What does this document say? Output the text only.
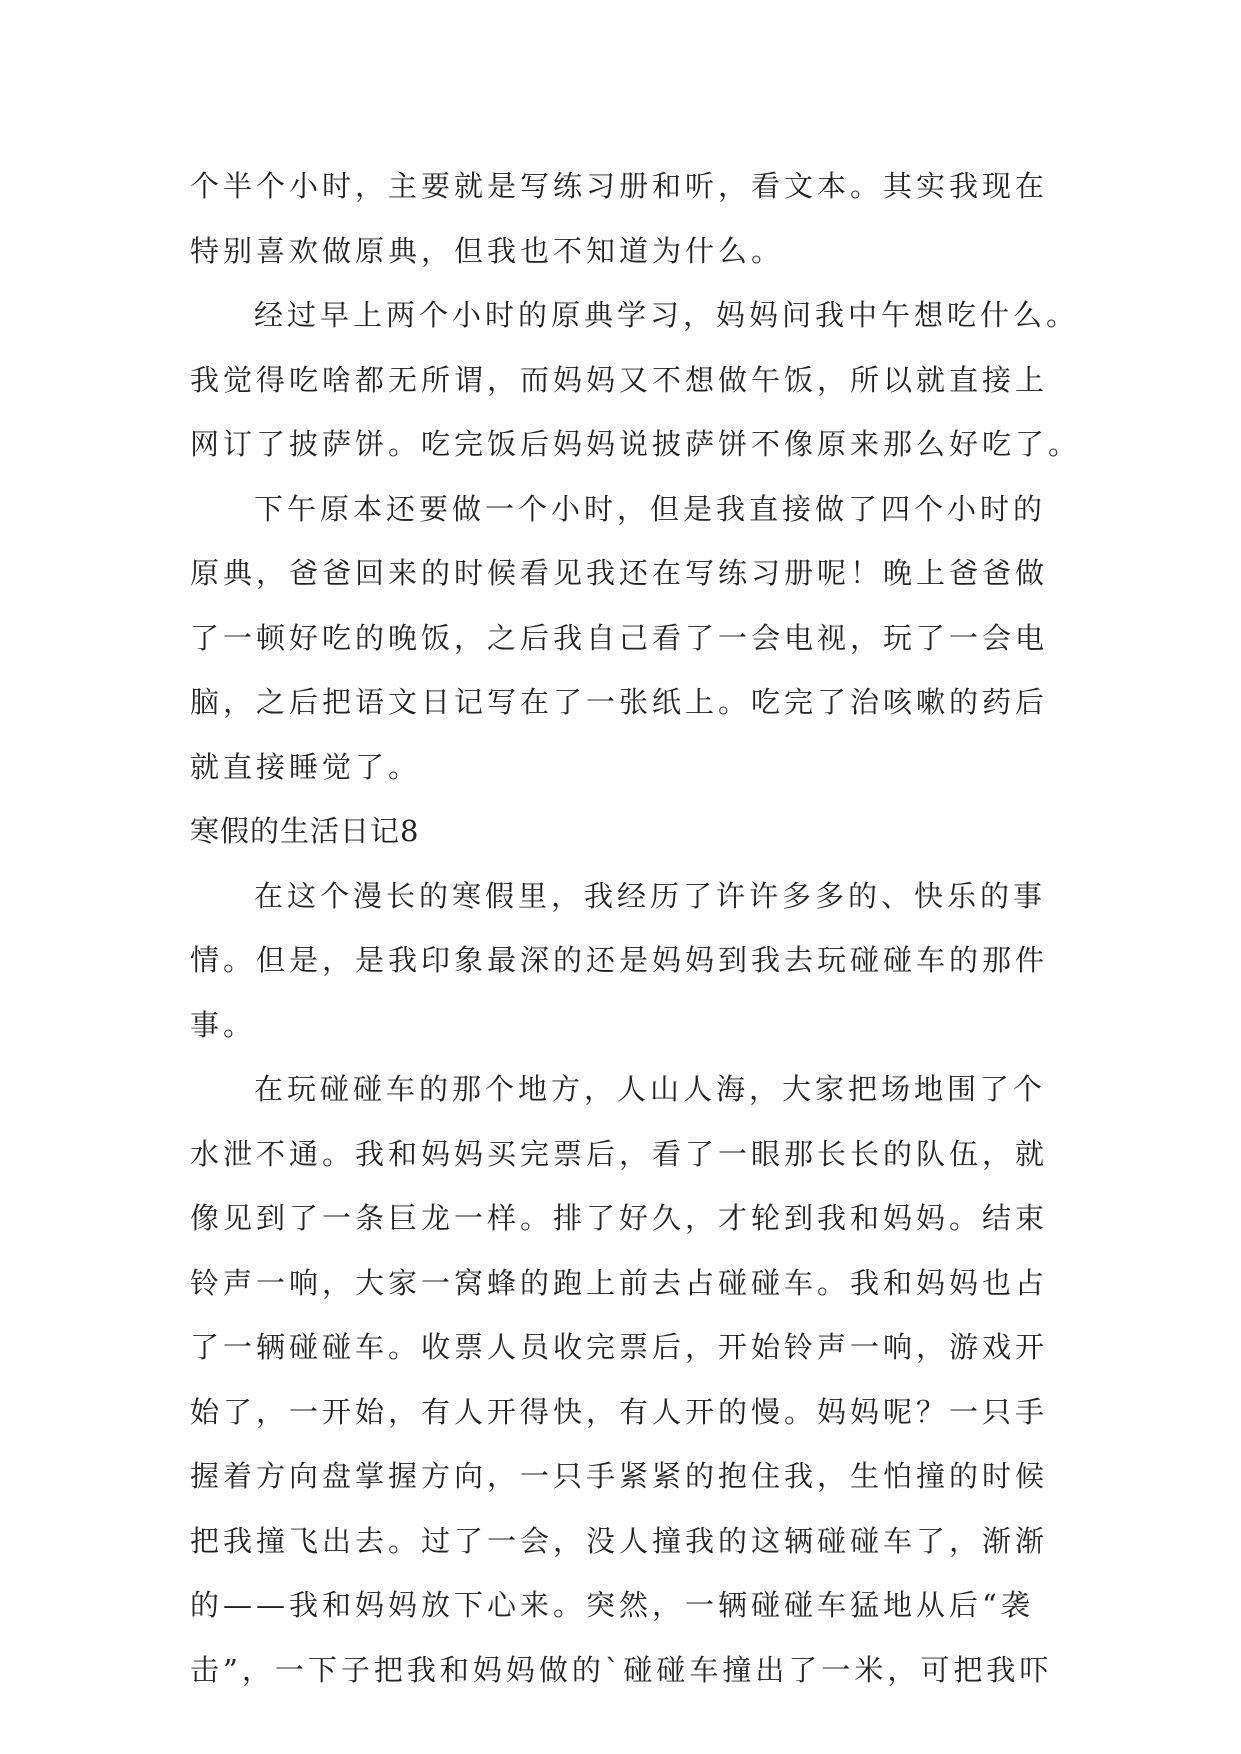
个半个小时，主要就是写练习册和听，看文本。其实我现在
特别喜欢做原典，但我也不知道为什么。
经过早上两个小时的原典学习，妈妈问我中午想吃什么。
我觉得吃啥都无所谓，而妈妈又不想做午饭，所以就直接上
网订了披萨饼。吃完饭后妈妈说披萨饼不像原来那么好吃了。
下午原本还要做一个小时，但是我直接做了四个小时的
原典，爸爸回来的时候看见我还在写练习册呢！晚上爸爸做
了一顿好吃的晚饭，之后我自己看了一会电视，玩了一会电
脑，之后把语文日记写在了一张纸上。吃完了治咳嗽的药后
就直接睡觉了。
寒假的生活日记8
在这个漫长的寒假里，我经历了许许多多的、快乐的事
情。但是，是我印象最深的还是妈妈到我去玩碰碰车的那件
事。
在玩碰碰车的那个地方，人山人海，大家把场地围了个
水泄不通。我和妈妈买完票后，看了一眼那长长的队伍，就
像见到了一条巨龙一样。排了好久，才轮到我和妈妈。结束
铃声一响，大家一窝蜂的跑上前去占碰碰车。我和妈妈也占
了一辆碰碰车。收票人员收完票后，开始铃声一响，游戏开
始了，一开始，有人开得快，有人开的慢。妈妈呢？一只手
握着方向盘掌握方向，一只手紧紧的抱住我，生怕撞的时候
把我撞飞出去。过了一会，没人撞我的这辆碰碰车了，渐渐
的——我和妈妈放下心来。突然，一辆碰碰车猛地从后“袭
击”，一下子把我和妈妈做的`碰碰车撞出了一米，可把我吓
